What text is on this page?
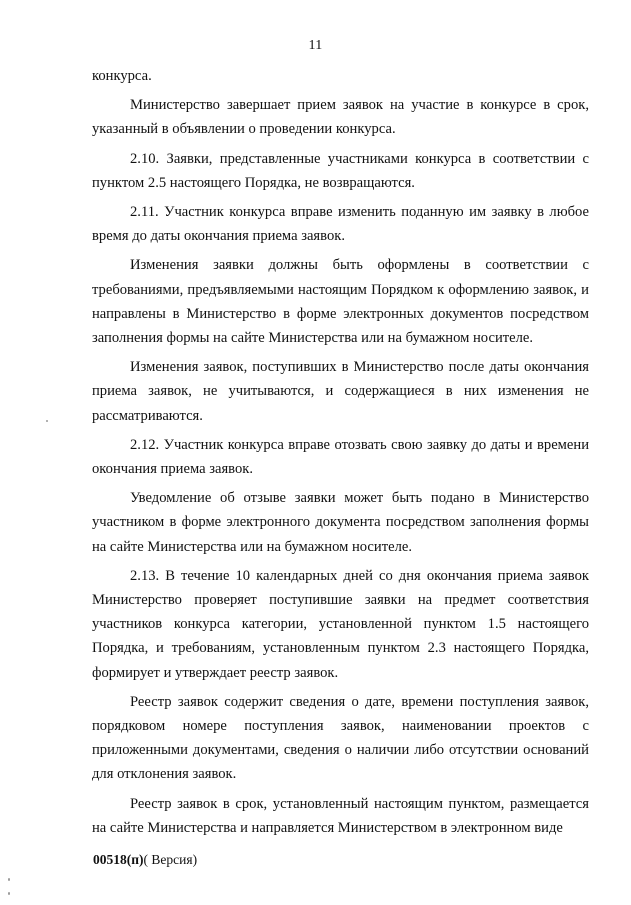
11

конкурса.

Министерство завершает прием заявок на участие в конкурсе в срок, указанный в объявлении о проведении конкурса.

2.10. Заявки, представленные участниками конкурса в соответствии с пунктом 2.5 настоящего Порядка, не возвращаются.

2.11. Участник конкурса вправе изменить поданную им заявку в любое время до даты окончания приема заявок.

Изменения заявки должны быть оформлены в соответствии с требованиями, предъявляемыми настоящим Порядком к оформлению заявок, и направлены в Министерство в форме электронных документов посредством заполнения формы на сайте Министерства или на бумажном носителе.

Изменения заявок, поступивших в Министерство после даты окончания приема заявок, не учитываются, и содержащиеся в них изменения не рассматриваются.

2.12. Участник конкурса вправе отозвать свою заявку до даты и времени окончания приема заявок.

Уведомление об отзыве заявки может быть подано в Министерство участником в форме электронного документа посредством заполнения формы на сайте Министерства или на бумажном носителе.

2.13. В течение 10 календарных дней со дня окончания приема заявок Министерство проверяет поступившие заявки на предмет соответствия участников конкурса категории, установленной пунктом 1.5 настоящего Порядка, и требованиям, установленным пунктом 2.3 настоящего Порядка, формирует и утверждает реестр заявок.

Реестр заявок содержит сведения о дате, времени поступления заявок, порядковом номере поступления заявок, наименовании проектов с приложенными документами, сведения о наличии либо отсутствии оснований для отклонения заявок.

Реестр заявок в срок, установленный настоящим пунктом, размещается на сайте Министерства и направляется Министерством в электронном виде

00518(п)( Версия)
